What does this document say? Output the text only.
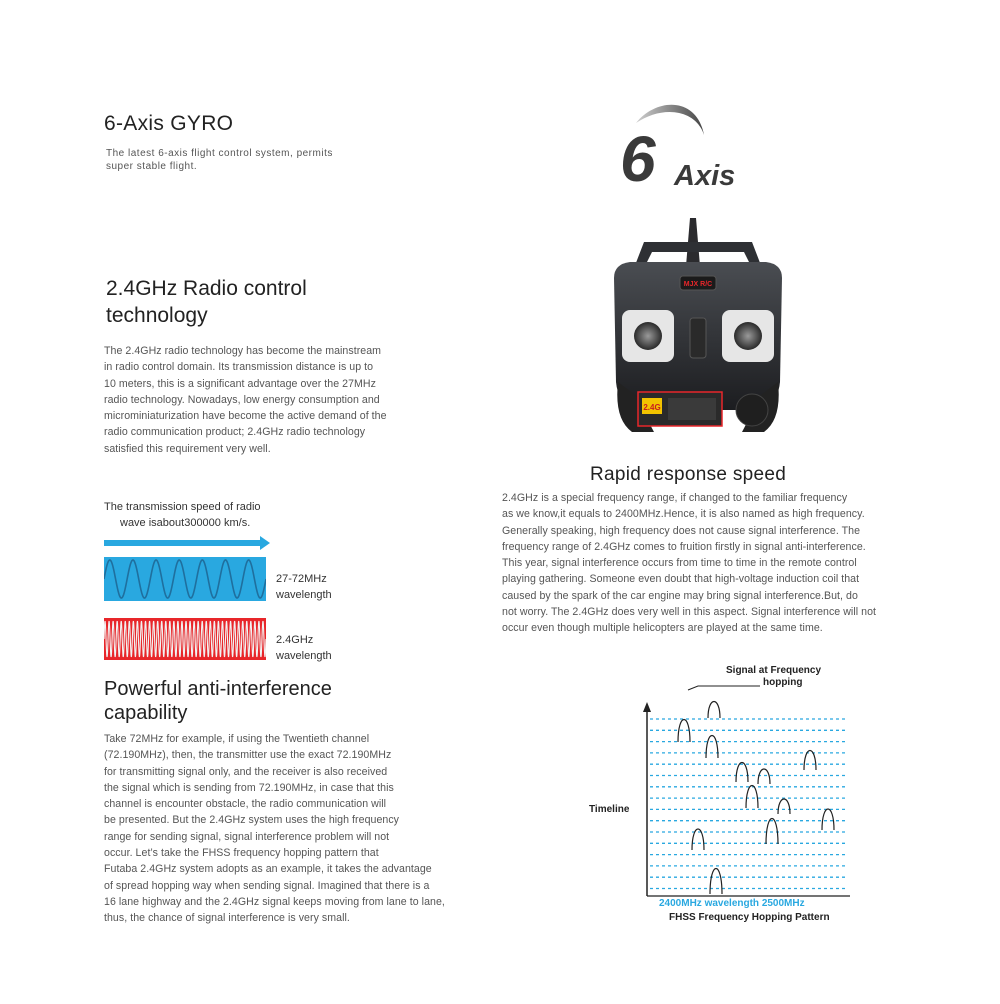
6-Axis GYRO
The latest 6-axis flight control system, permits
super stable flight.	6 Axis
2.4GHz Radio control
technology
The 2.4GHz radio technology has become the mainstream
in radio control domain. Its transmission distance is up to
10 meters, this is a significant advantage over the 27MHz
radio technology. Nowadays, low energy consumption and
microminiaturization have become the active demand of the
radio communication product; 2.4GHz radio technology
satisfied this requirement very well.
MJX R/C
2.4G
Rapid response speed
2.4GHz is a special frequency range, if changed to the familiar frequency
as we know,it equals to 2400MHz.Hence, it is also named as high frequency.
Generally speaking, high frequency does not cause signal interference. The
frequency range of 2.4GHz comes to fruition firstly in signal anti-interference.
This year, signal interference occurs from time to time in the remote control
playing gathering. Someone even doubt that high-voltage induction coil that
caused by the spark of the car engine may bring signal interference.But, do
not worry. The 2.4GHz does very well in this aspect. Signal interference will not
occur even though multiple helicopters are played at the same time.
The transmission speed of radio
wave isabout300000 km/s.
27-72MHz
wavelength
2.4GHz
wavelength
Powerful anti-interference
capability
Take 72MHz for example, if using the Twentieth channel
(72.190MHz), then, the transmitter use the exact 72.190MHz
for transmitting signal only, and the receiver is also received
the signal which is sending from 72.190MHz, in case that this
channel is encounter obstacle, the radio communication will
be presented. But the 2.4GHz system uses the high frequency
range for sending signal, signal interference problem will not
occur. Let’s take the FHSS frequency hopping pattern that
Futaba 2.4GHz system adopts as an example, it takes the advantage
of spread hopping way when sending signal. Imagined that there is a
16 lane highway and the 2.4GHz signal keeps moving from lane to lane,
thus, the chance of signal interference is very small.
Signal at Frequency
hopping
Timeline
2400MHz wavelength 2500MHz
FHSS Frequency Hopping Pattern
